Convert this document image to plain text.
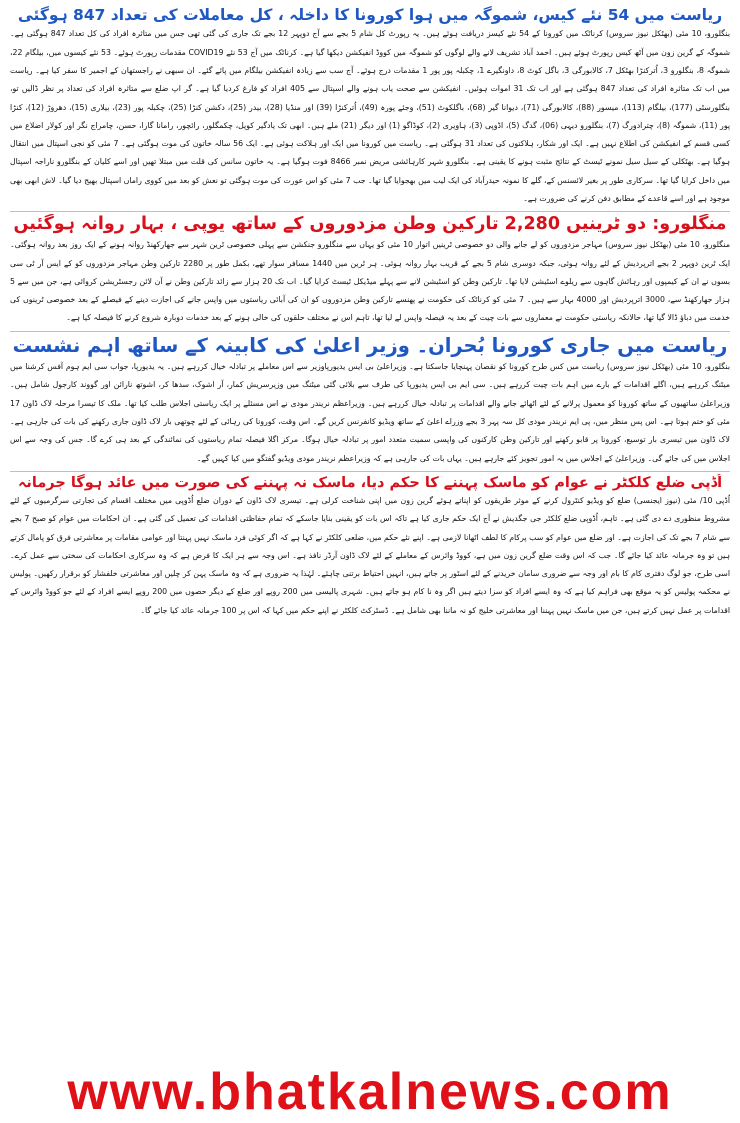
ریاست میں 54 نئے کیس، شموگہ میں ہوا کورونا کا داخلہ ، کل معاملات کی تعداد 847 ہوگئی

بنگلورو، 10 مئی (بھٹکل نیوز سروس) کرناٹک میں کورونا کے 54 نئے کیسز دریافت ہوئے ہیں۔ یہ رپورٹ کل شام 5 بجے سے آج دوپہر 12 بجے تک جاری کی گئی تھی جس میں متاثرہ افراد کی کل تعداد 847 ہوگئی ہے۔ شموگہ کے گرین زون میں آٹھ کیس رپورٹ ہوئے ہیں۔ احمد آباد تشریف لانے والے لوگوں کو شموگہ میں کووڈ انفیکشن دیکھا گیا ہے۔ کرناٹک میں آج 53 نئے COVID19 مقدمات رپورٹ ہوئے۔ 53 نئے کیسوں میں، بیلگام 22، شموگہ 8، بنگلورو 3، اُترکنڑا بھٹکل 7، کالابورگی 3، باگل کوٹ 8، داونگیرے 1، چکبلہ پور پور 1 مقدمات درج ہوئے۔ آج سب سے زیادہ انفیکشن بیلگام میں پائے گئے۔ ان سبھی نے راجستھان کے اجمیر کا سفر کیا ہے۔ ریاست میں اب تک متاثرہ افراد کی تعداد 847 ہوگئی ہے اور اب تک 31 اموات ہوئیں۔ انفیکشن سے صحت یاب ہونے والے اسپتال سے 405 افراد کو فارغ کردیا گیا ہے۔ گر اپ ضلع سے متاثرہ افراد کی تعداد پر نظر ڈالیں تو، بنگلورسٹی (177)، بیلگام (113)، میسور (88)، کالابورگی (71)، دیوانا گیر (68)، باگلکوٹ (51)، وجئے پورہ (49)، اُترکنڑا (39) اور منڈیا (28)، بیدر (25)، دکشن کنڑا (25)، چکبلہ پور (23)، بیلاری (15)، دھروڑ (12)، کنڑا پور (11)، شموگہ (8)، چترادورگ (7)، بنگلورو دیہی (06)، گدگ (5)، اڈوپی (3)، ہاویری (2)، کوڈاگو (1) اور دیگر (21) ملے ہیں۔ ابھی تک یادگیر کوپل، چکمگلور، رائچور، رامانا گارا، حسن، چامراج نگر اور کولار اضلاع میں کسی قسم کے انفیکشن کی اطلاع نہیں ہے۔ ایک اور شکار، ہلاکتوں کی تعداد 31 ہوگئی ہے۔ ریاست میں کورونا میں ایک اور ہلاکت ہوئی ہے۔ ایک 56 سالہ خاتون کی موت ہوگئی ہے۔ 7 مئی کو نجی اسپتال میں انتقال ہوگیا ہے۔ بھٹکلی کے سیل سیل نمونے ٹیسٹ کے نتائج مثبت ہونے کا یقینی ہے۔ بنگلورو شہر کارہائشی مریض نمبر 8466 فوت ہوگیا ہے۔ یہ خاتون سانس کی قلت میں مبتلا تھیں اور اسے کلیان کے بنگلورو ناراجہ اسپتال میں داخل کرایا گیا تھا۔ سرکاری طور پر بغیر لائسنس کے، گلے کا نمونہ حیدرآباد کی ایک لیب میں بھجوایا گیا تھا۔ جب 7 مئی کو اس عورت کی موت ہوگئی تو نعش کو بعد میں کووی راماں اسپتال بھیج دیا گیا۔ لاش ابھی بھی موجود ہے اور اسے قاعدے کے مطابق دفن کرنے کی ضرورت ہے۔

منگلورو: دو ٹرینیں 2,280 تارکین وطن مزدوروں کے ساتھ یوپی ، بہار روانہ ہوگئیں

منگلورو، 10 مئی (بھٹکل نیوز سروس) مہاجر مزدوروں کو لے جانے والی دو خصوصی ٹرینیں اتوار 10 مئی کو یہاں سے منگلورو جنکشن سے پہلی خصوصی ٹرین شہر سے جھارکھنڈ روانہ ہونے کے ایک روز بعد روانہ ہوگئی۔ ایک ٹرین دوپہر 2 بجے اترپردیش کے لئے روانہ ہوئی، جبکہ دوسری شام 5 بجے کے قریب بہار روانہ ہوئی۔ ہر ٹرین میں 1440 مسافر سوار تھے، بکمل طور پر 2280 تارکین وطن مہاجر مزدوروں کو کے ایس آر ٹی سی بسوں نے ان کے کیمپوں اور رہائش گاہوں سے ریلوے اسٹیشن لایا تھا۔ تارکین وطن کو اسٹیشن لانے سے پہلے میڈیکل ٹیسٹ کرایا گیا۔ اب تک 20 ہزار سے زائد تارکین وطن نے آن لائن رجسٹریشن کروائی ہے، جن میں سے 5 ہزار جھارکھنڈ سے، 3000 اترپردیش اور 4000 بہار سے ہیں۔ 7 مئی کو کرناٹک کی حکومت نے پھنسے تارکین وطن مزدوروں کو ان کی آبائی ریاستوں میں واپس جانے کی اجازت دینے کے فیصلے کے بعد خصوصی ٹرینوں کی خدمت میں دباؤ ڈالا گیا تھا، حالانکہ ریاستی حکومت نے معماروں سے بات چیت کے بعد یہ فیصلہ واپس لے لیا تھا، تاہم اس نے مختلف حلقوں کی خالی ہونے کے بعد خدمات دوبارہ شروع کرنے کا فیصلہ کیا ہے۔

ریاست میں جاری کورونا بُحران۔ وزیر اعلیٰ کی کابینہ کے ساتھ اہم نشست

بنگلورو، 10 مئی (بھٹکل نیوز سروس) ریاست میں کس طرح کورونا کو نقصان پہنچایا جاسکتا ہے۔ وزیراعلیٰ بی ایس یدیورپاوزیر سے اس معاملے پر تبادلہ خیال کررہے ہیں۔ یہ یدیورپا، جواب سی ایم ہوم آفس کرشنا میں میٹنگ کررہے ہیں، اگلے اقدامات کے بارے میں اہم بات چیت کررہے ہیں۔ سی ایم بی ایس یدیورپا کی طرف سے بلائی گئی میٹنگ میں وزیرسریش کمار، آر اشوک، سدھا کر، اشوتھ نارائن اور گووند کارجول شامل ہیں۔ وزیراعلیٰ ساتھیوں کے ساتھ کورونا کو معمول پرلانے کے لئے اٹھائے جانے والے اقدامات پر تبادلہ خیال کررہے ہیں۔ وزیراعظم نریندر مودی نے اس مسئلے پر ایک ریاستی اجلاس طلب کیا تھا۔ ملک کا تیسرا مرحلہ لاک ڈاون 17 مئی کو ختم ہوتا ہے۔ اس پس منظر میں، پی ایم نریندر مودی کل سہ پہر 3 بجے وزراے اعلیٰ کے ساتھ ویڈیو کانفرنس کریں گے۔ اس وقت، کورونا کی رہائی کے لئے چوتھی بار لاک ڈاون جاری رکھنے کی بات کی جارہی ہے۔ لاک ڈاون میں تیسری بار توسیع، کورونا پر قابو رکھنے اور تارکین وطن کارکنوں کی واپسی سمیت متعدد امور پر تبادلہ خیال ہوگا۔ مرکز اگلا فیصلہ تمام ریاستوں کی نمائندگی کے بعد ہی کرے گا۔ جس کی وجہ سے اس اجلاس میں کی جائے گی۔ وزیراعلیٰ کے اجلاس میں یہ امور تجویز کئے جارہے ہیں۔ یہاں بات کی جارہی ہے کہ وزیراعظم نریندر مودی ویڈیو گفتگو میں کیا کہیں گے۔

اُڈپی ضلع کلکٹر نے عوام کو ماسک پہننے کا حکم دیا، ماسک نہ پہننے کی صورت میں عائد ہوگا جرمانہ

اُڈپی 10/ مئی (نیوز ایجنسی) ضلع کو ویڈیو کنٹرول کرنے کے موثر طریقوں کو اپناتے ہوئے گرین زون میں اپنی شناخت کرلی ہے۔ تیسری لاک ڈاون کے دوران ضلع اُڈوپی میں مختلف اقسام کی تجارتی سرگرمیوں کے لئے مشروط منظوری دے دی گئی ہے۔ تاہم، اُڈوپی ضلع کلکٹر جی جگدیش نے آج ایک حکم جاری کیا ہے تاکہ اس بات کو یقینی بنایا جاسکے کہ تمام حفاظتی اقدامات کی تعمیل کی گئی ہے۔ ان احکامات میں عوام کو صبح 7 بجے سے شام 7 بجے تک کی اجازت ہے۔ اور ضلع میں عوام کو سب پرکام کا لطف اٹھانا لازمی ہے۔ اپنے نئے حکم میں، ضلعی کلکٹر نے کہا ہے کہ اگر کوئی فرد ماسک نہیں پہنتا اور عوامی مقامات پر معاشرتی فرق کو پامال کرتے ہیں تو وہ جرمانہ عائد کیا جائے گا۔ جب کہ اس وقت ضلع گرین زون میں ہے، کووڈ وائرس کے معاملے کے لئے لاک ڈاون آرڈر نافذ ہے۔ اس وجہ سے ہر ایک کا فرض ہے کہ وہ سرکاری احکامات کی سختی سے عمل کرے۔ اسی طرح، جو لوگ دفتری کام کا بام اور وجہ سے ضروری سامان خریدنے کے لئے اسٹور پر جاتے ہیں، انہیں احتیاط برتنی چاہئے۔ لہٰذا یہ ضروری ہے کہ وہ ماسک پہن کر چلیں اور معاشرتی خلفشار کو برقرار رکھیں۔ پولیس نے محکمہ پولیس کو یہ موقع بھی فراہم کیا ہے کہ وہ ایسے افراد کو سزا دیتے ہیں اگر وہ نا کام ہو جاتے ہیں۔ شہری پالیسی میں 200 روپے اور ضلع کے دیگر حصوں میں 200 روپے ایسے افراد کے لئے جو کووڈ وائرس کے اقدامات پر عمل نہیں کرتے ہیں، جن میں ماسک نہیں پہننا اور معاشرتی خلیج کو نہ ماننا بھی شامل ہے۔ ڈسٹرکٹ کلکٹر نے اپنے حکم میں کہا کہ اس پر 100 جرمانہ عائد کیا جائے گا۔

www.bhatkalnews.com
